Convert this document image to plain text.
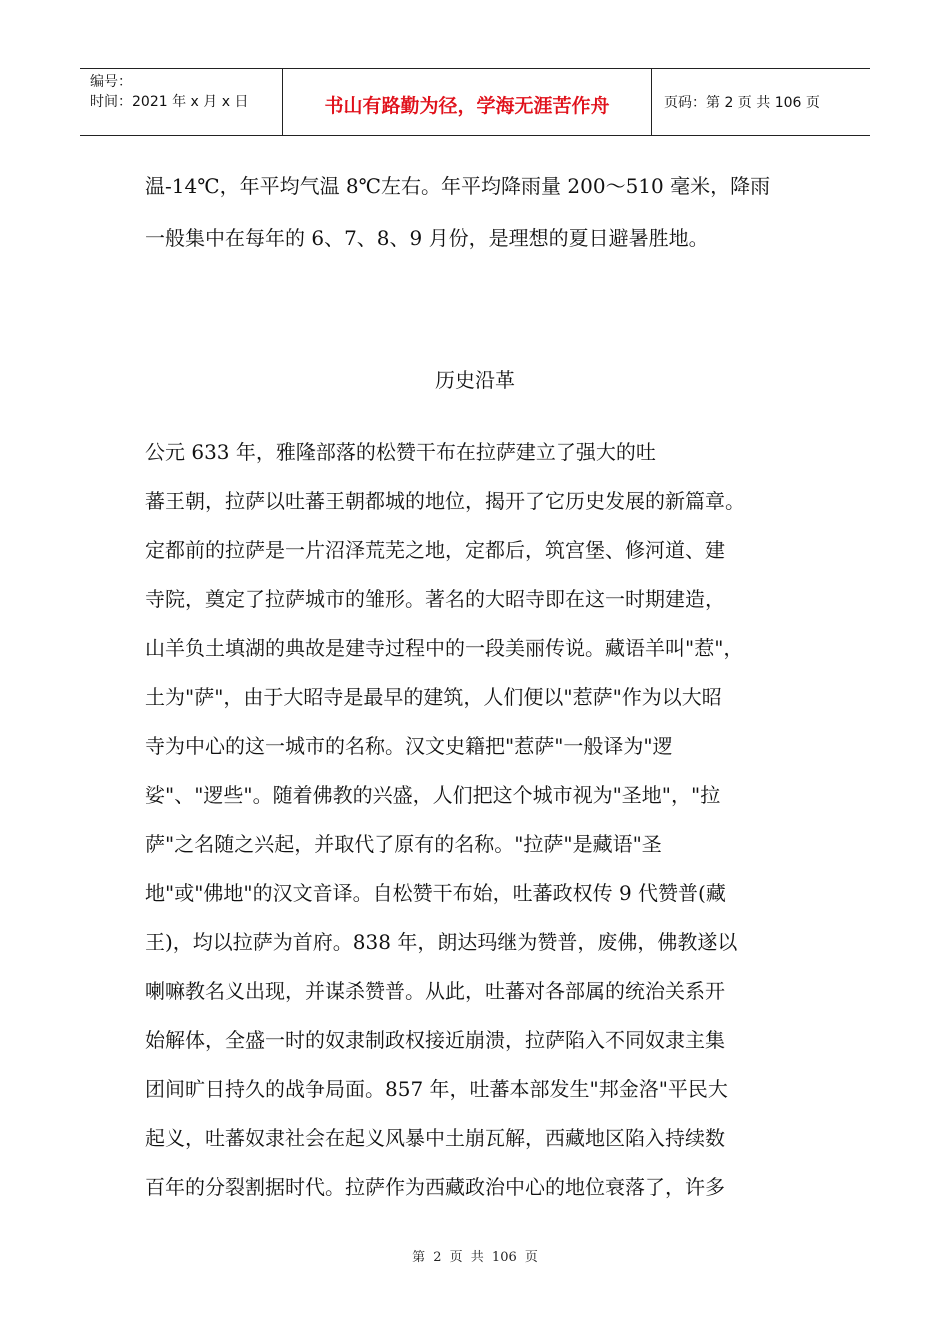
编号：
时间：2021 年 x 月 x 日	书山有路勤为径，学海无涯苦作舟	页码：第 2 页 共 106 页
温-14℃，年平均气温 8℃左右。年平均降雨量 200～510 毫米，降雨
一般集中在每年的 6、7、8、9 月份，是理想的夏日避暑胜地。
历史沿革
公元 633 年，雅隆部落的松赞干布在拉萨建立了强大的吐
蕃王朝，拉萨以吐蕃王朝都城的地位，揭开了它历史发展的新篇章。
定都前的拉萨是一片沼泽荒芜之地，定都后，筑宫堡、修河道、建
寺院，奠定了拉萨城市的雏形。著名的大昭寺即在这一时期建造，
山羊负土填湖的典故是建寺过程中的一段美丽传说。藏语羊叫"惹"，
土为"萨"，由于大昭寺是最早的建筑，人们便以"惹萨"作为以大昭
寺为中心的这一城市的名称。汉文史籍把"惹萨"一般译为"逻
娑"、"逻些"。随着佛教的兴盛，人们把这个城市视为"圣地"，"拉
萨"之名随之兴起，并取代了原有的名称。"拉萨"是藏语"圣
地"或"佛地"的汉文音译。自松赞干布始，吐蕃政权传 9 代赞普(藏
王)，均以拉萨为首府。838 年，朗达玛继为赞普，废佛，佛教遂以
喇嘛教名义出现，并谋杀赞普。从此，吐蕃对各部属的统治关系开
始解体，全盛一时的奴隶制政权接近崩溃，拉萨陷入不同奴隶主集
团间旷日持久的战争局面。857 年，吐蕃本部发生"邦金洛"平民大
起义，吐蕃奴隶社会在起义风暴中土崩瓦解，西藏地区陷入持续数
百年的分裂割据时代。拉萨作为西藏政治中心的地位衰落了，许多
第 2 页 共 106 页
